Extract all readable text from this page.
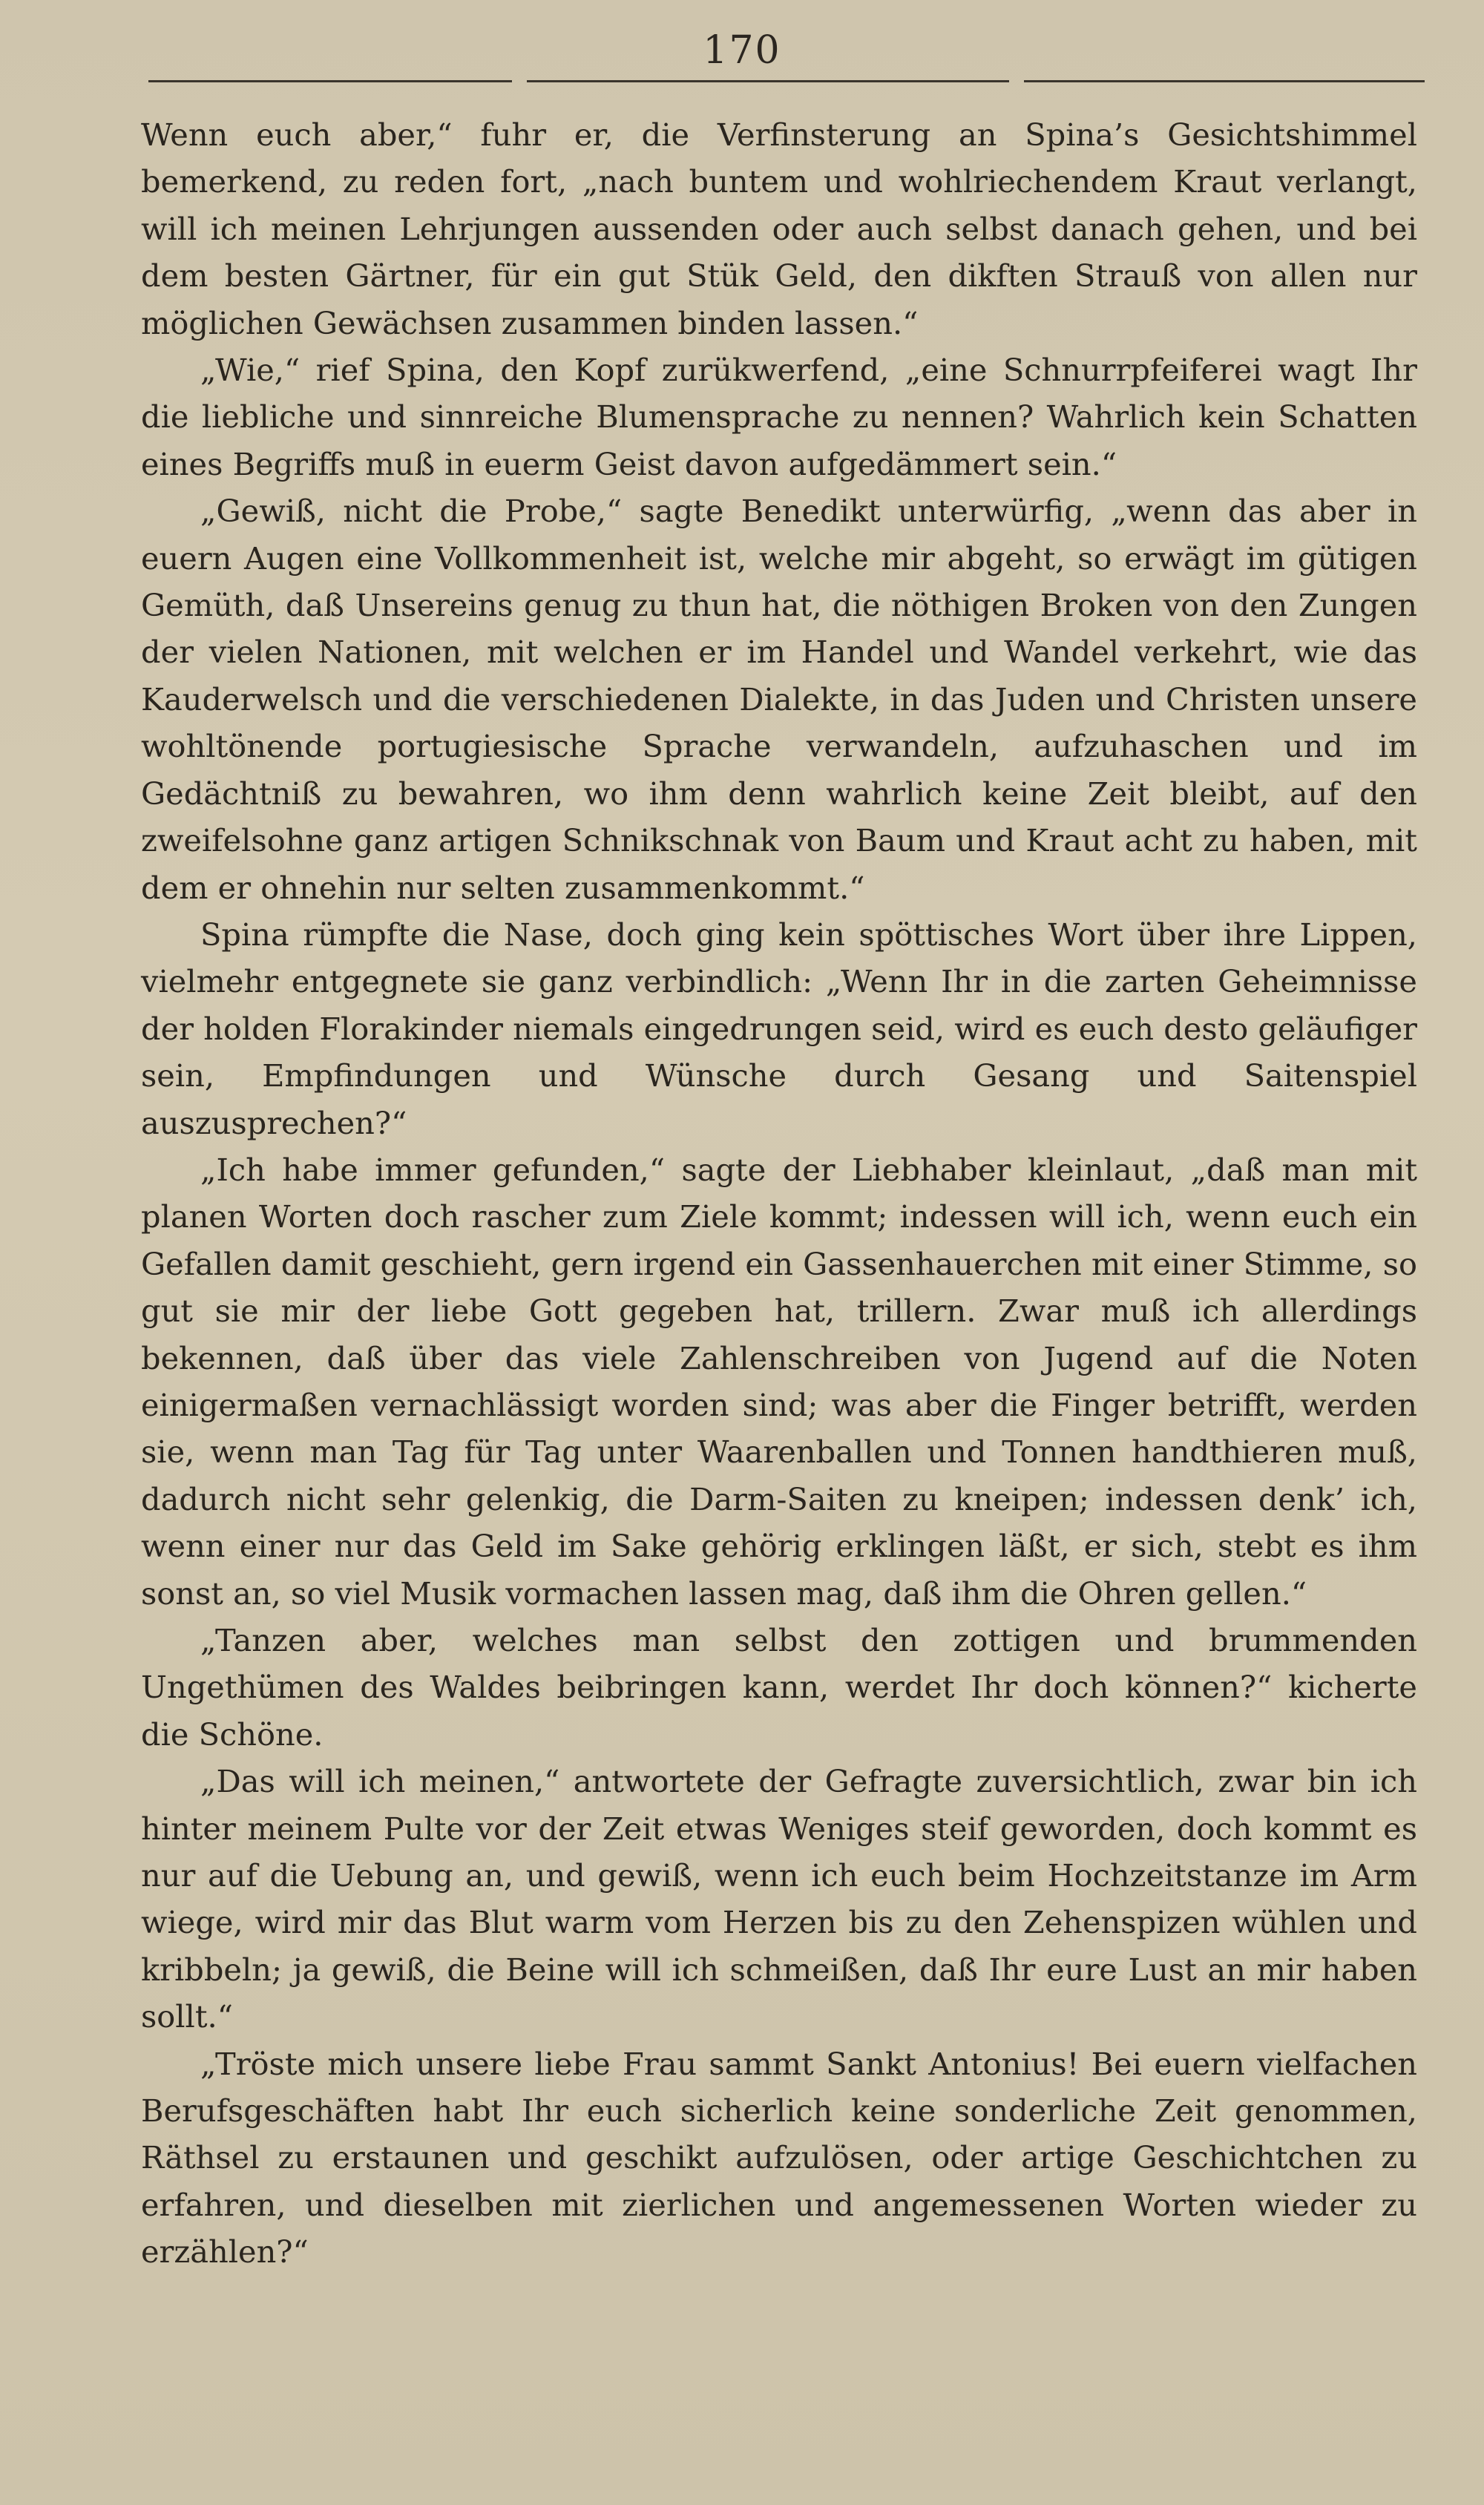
170

Wenn euch aber,“ fuhr er, die Verfinsterung an Spina’s Gesichtshimmel bemerkend, zu reden fort, „nach buntem und wohlriechendem Kraut verlangt, will ich meinen Lehrjungen aussenden oder auch selbst danach gehen, und bei dem besten Gärtner, für ein gut Stük Geld, den dikften Strauß von allen nur möglichen Gewächsen zusammen binden lassen.“

„Wie,“ rief Spina, den Kopf zurükwerfend, „eine Schnurrpfeiferei wagt Ihr die liebliche und sinnreiche Blumensprache zu nennen? Wahrlich kein Schatten eines Begriffs muß in euerm Geist davon aufgedämmert sein.“

„Gewiß, nicht die Probe,“ sagte Benedikt unterwürfig, „wenn das aber in euern Augen eine Vollkommenheit ist, welche mir abgeht, so erwägt im gütigen Gemüth, daß Unsereins genug zu thun hat, die nöthigen Broken von den Zungen der vielen Nationen, mit welchen er im Handel und Wandel verkehrt, wie das Kauderwelsch und die verschiedenen Dialekte, in das Juden und Christen unsere wohltönende portugiesische Sprache verwandeln, aufzuhaschen und im Gedächtniß zu bewahren, wo ihm denn wahrlich keine Zeit bleibt, auf den zweifelsohne ganz artigen Schnikschnak von Baum und Kraut acht zu haben, mit dem er ohnehin nur selten zusammenkommt.“

Spina rümpfte die Nase, doch ging kein spöttisches Wort über ihre Lippen, vielmehr entgegnete sie ganz verbindlich: „Wenn Ihr in die zarten Geheimnisse der holden Florakinder niemals eingedrungen seid, wird es euch desto geläufiger sein, Empfindungen und Wünsche durch Gesang und Saitenspiel auszusprechen?“

„Ich habe immer gefunden,“ sagte der Liebhaber kleinlaut, „daß man mit planen Worten doch rascher zum Ziele kommt; indessen will ich, wenn euch ein Gefallen damit geschieht, gern irgend ein Gassenhauerchen mit einer Stimme, so gut sie mir der liebe Gott gegeben hat, trillern. Zwar muß ich allerdings bekennen, daß über das viele Zahlenschreiben von Jugend auf die Noten einigermaßen vernachlässigt worden sind; was aber die Finger betrifft, werden sie, wenn man Tag für Tag unter Waarenballen und Tonnen handthieren muß, dadurch nicht sehr gelenkig, die Darm-Saiten zu kneipen; indessen denk’ ich, wenn einer nur das Geld im Sake gehörig erklingen läßt, er sich, stebt es ihm sonst an, so viel Musik vormachen lassen mag, daß ihm die Ohren gellen.“

„Tanzen aber, welches man selbst den zottigen und brummenden Ungethümen des Waldes beibringen kann, werdet Ihr doch können?“ kicherte die Schöne.

„Das will ich meinen,“ antwortete der Gefragte zuversichtlich, zwar bin ich hinter meinem Pulte vor der Zeit etwas Weniges steif geworden, doch kommt es nur auf die Uebung an, und gewiß, wenn ich euch beim Hochzeitstanze im Arm wiege, wird mir das Blut warm vom Herzen bis zu den Zehenspizen wühlen und kribbeln; ja gewiß, die Beine will ich schmeißen, daß Ihr eure Lust an mir haben sollt.“

„Tröste mich unsere liebe Frau sammt Sankt Antonius! Bei euern vielfachen Berufsgeschäften habt Ihr euch sicherlich keine sonderliche Zeit genommen, Räthsel zu erstaunen und geschikt aufzulösen, oder artige Geschichtchen zu erfahren, und dieselben mit zierlichen und angemessenen Worten wieder zu erzählen?“
